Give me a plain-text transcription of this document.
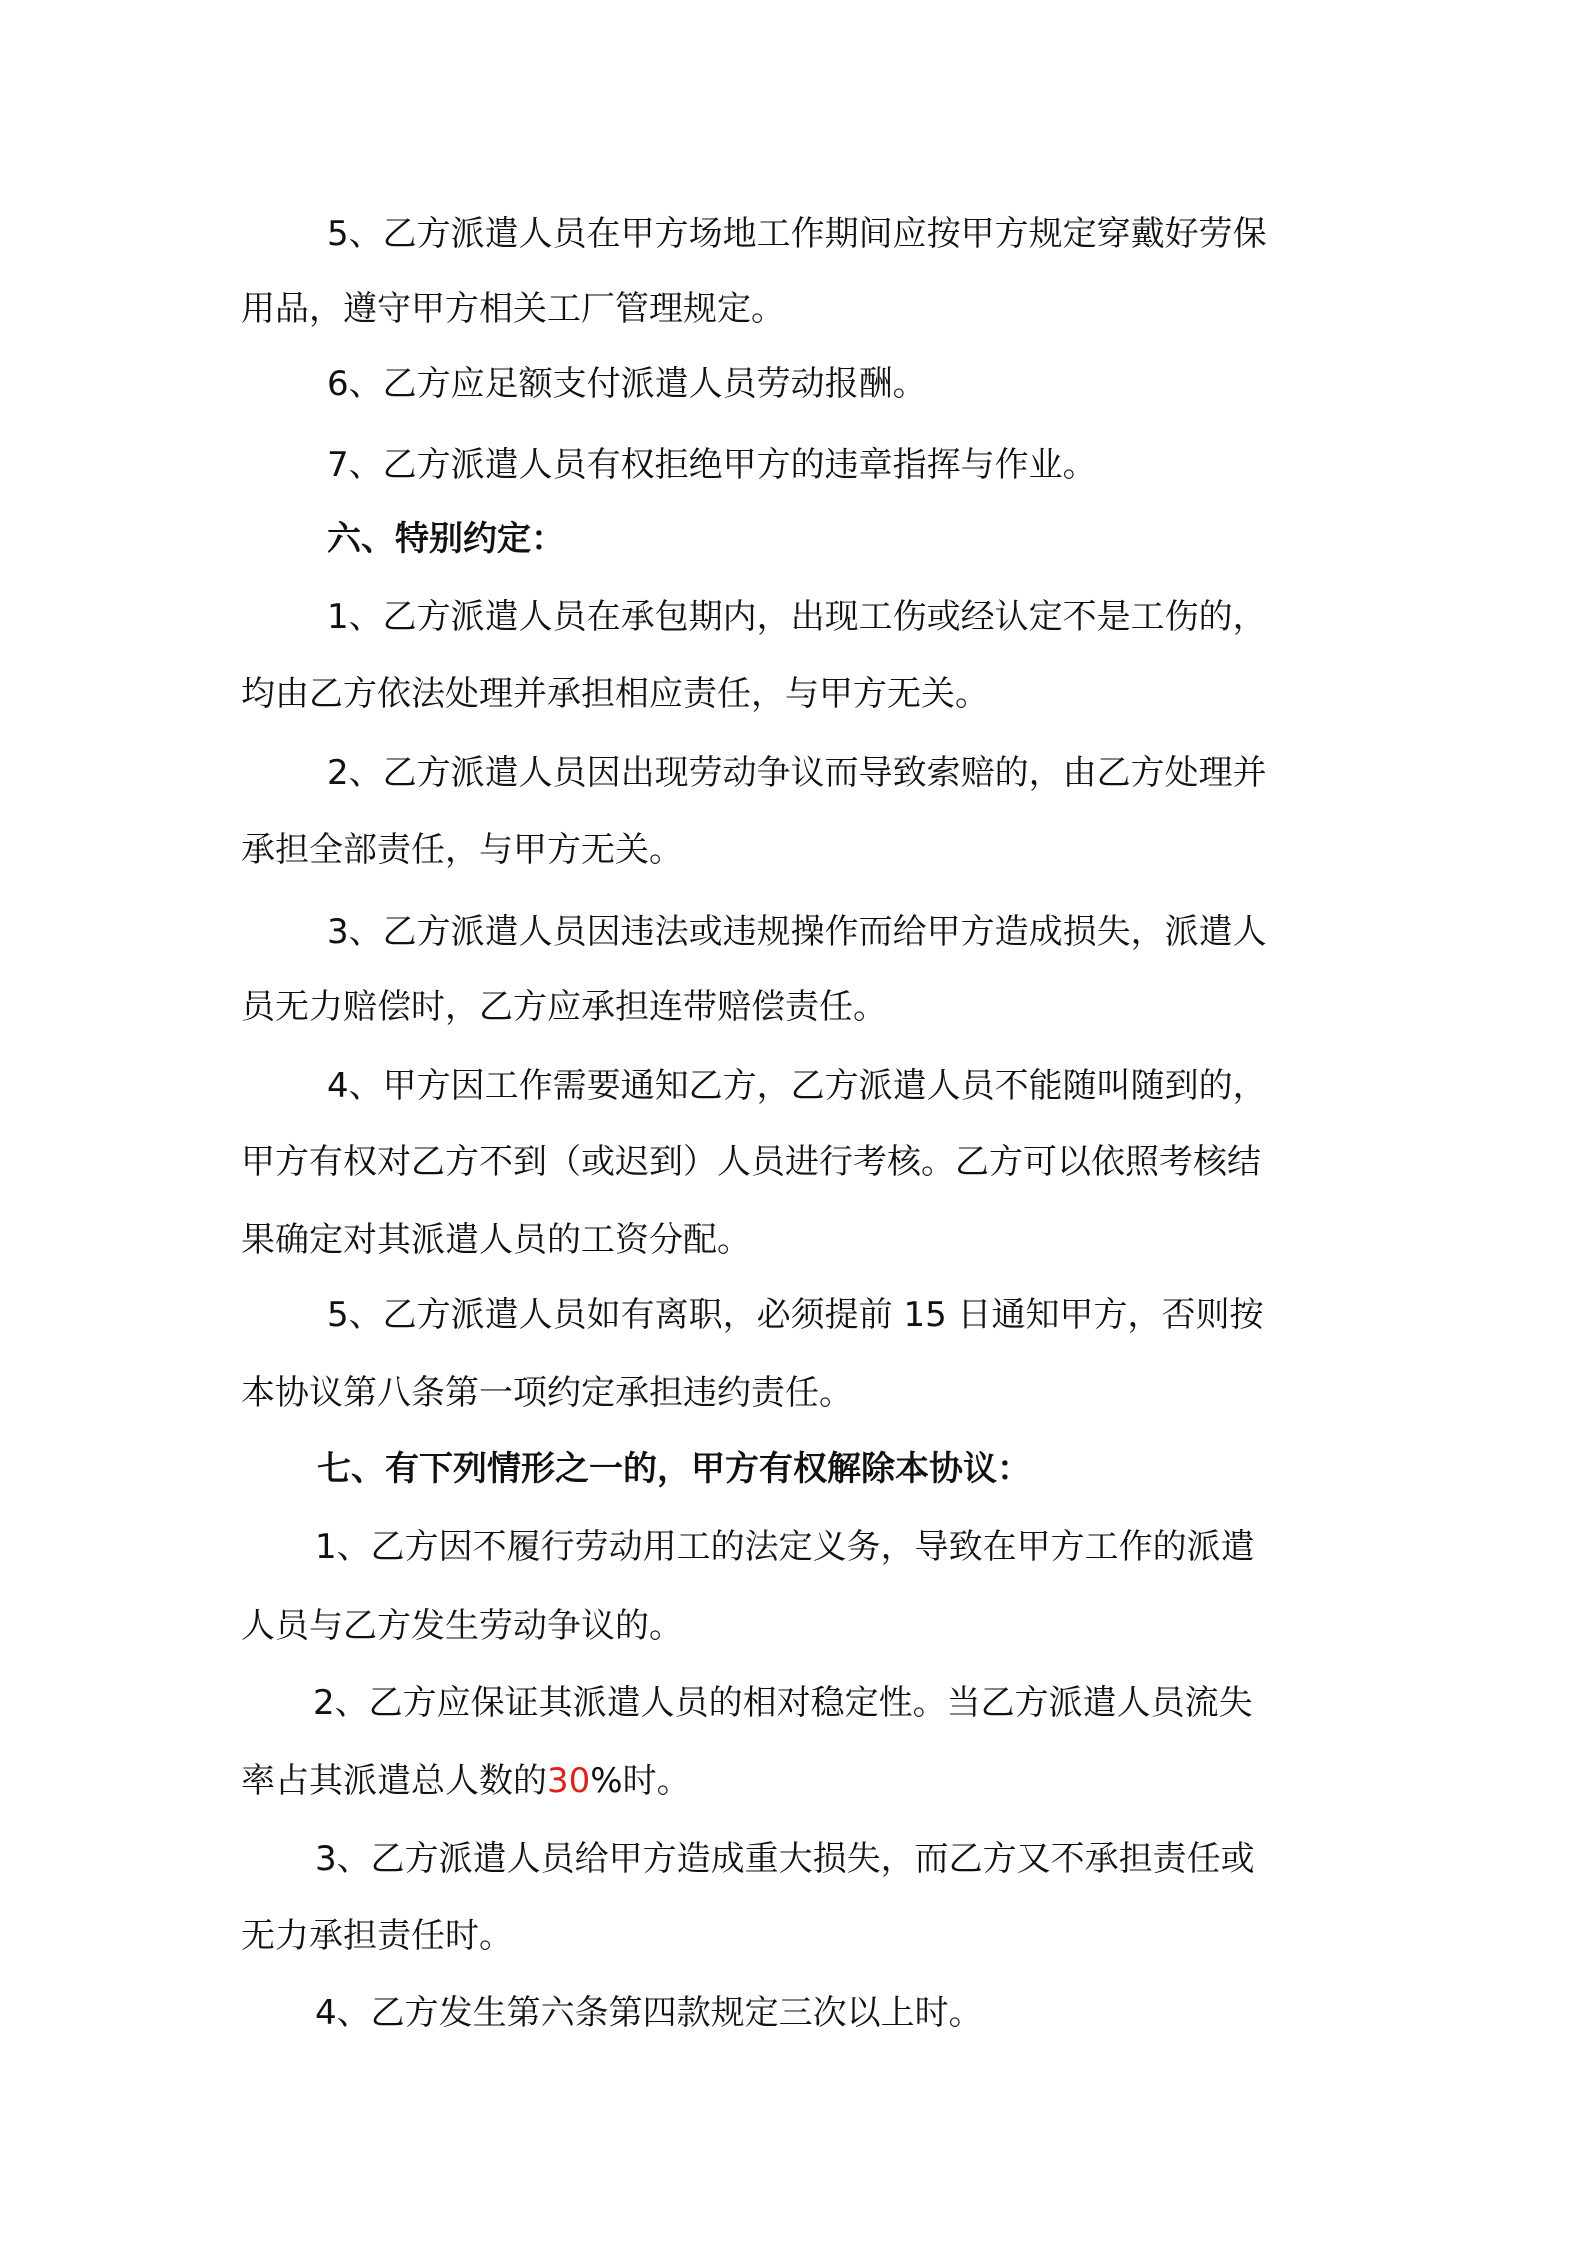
5、乙方派遣人员在甲方场地工作期间应按甲方规定穿戴好劳保
用品，遵守甲方相关工厂管理规定。
6、乙方应足额支付派遣人员劳动报酬。
7、乙方派遣人员有权拒绝甲方的违章指挥与作业。
六、特别约定：
1、乙方派遣人员在承包期内，出现工伤或经认定不是工伤的，
均由乙方依法处理并承担相应责任，与甲方无关。
2、乙方派遣人员因出现劳动争议而导致索赔的，由乙方处理并
承担全部责任，与甲方无关。
3、乙方派遣人员因违法或违规操作而给甲方造成损失，派遣人
员无力赔偿时，乙方应承担连带赔偿责任。
4、甲方因工作需要通知乙方，乙方派遣人员不能随叫随到的，
甲方有权对乙方不到（或迟到）人员进行考核。乙方可以依照考核结
果确定对其派遣人员的工资分配。
5、乙方派遣人员如有离职，必须提前 15 日通知甲方，否则按
本协议第八条第一项约定承担违约责任。
七、有下列情形之一的，甲方有权解除本协议：
1、乙方因不履行劳动用工的法定义务，导致在甲方工作的派遣
人员与乙方发生劳动争议的。
2、乙方应保证其派遣人员的相对稳定性。当乙方派遣人员流失
率占其派遣总人数的30%时。
3、乙方派遣人员给甲方造成重大损失，而乙方又不承担责任或
无力承担责任时。
4、乙方发生第六条第四款规定三次以上时。
